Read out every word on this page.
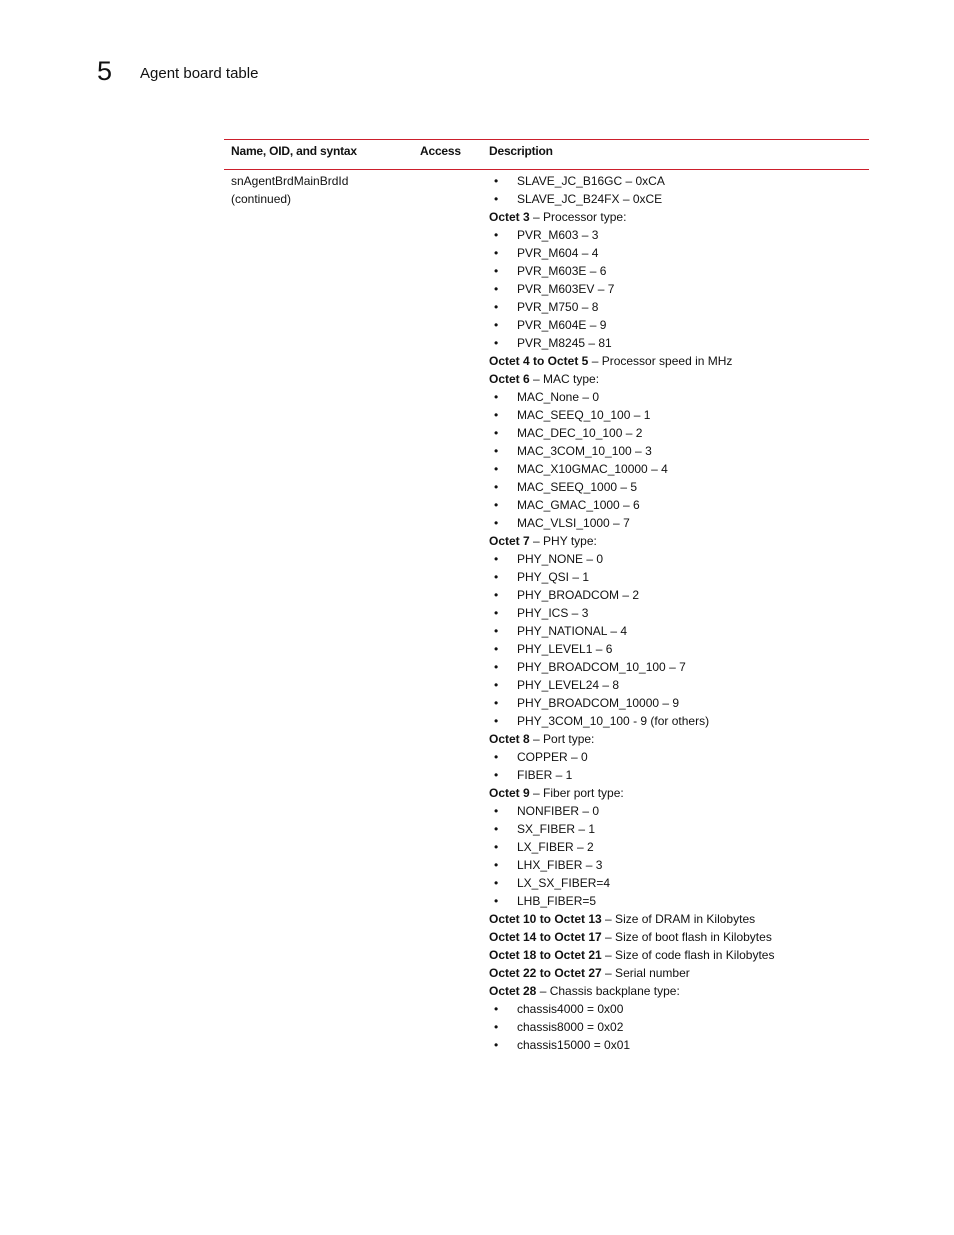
5 Agent board table
Name, OID, and syntax	Access Description
snAgentBrdMainBrdId
(continued)
• SLAVE_JC_B16GC – 0xCA
• SLAVE_JC_B24FX – 0xCE
Octet 3 – Processor type:
• PVR_M603 – 3
• PVR_M604 – 4
• PVR_M603E – 6
• PVR_M603EV – 7
• PVR_M750 – 8
• PVR_M604E – 9
• PVR_M8245 – 81
Octet 4 to Octet 5 – Processor speed in MHz
Octet 6 – MAC type:
• MAC_None – 0
• MAC_SEEQ_10_100 – 1
• MAC_DEC_10_100 – 2
• MAC_3COM_10_100 – 3
• MAC_X10GMAC_10000 – 4
• MAC_SEEQ_1000 – 5
• MAC_GMAC_1000 – 6
• MAC_VLSI_1000 – 7
Octet 7 – PHY type:
• PHY_NONE – 0
• PHY_QSI – 1
• PHY_BROADCOM – 2
• PHY_ICS – 3
• PHY_NATIONAL – 4
• PHY_LEVEL1 – 6
• PHY_BROADCOM_10_100 – 7
• PHY_LEVEL24 – 8
• PHY_BROADCOM_10000 – 9
• PHY_3COM_10_100 - 9 (for others)
Octet 8 – Port type:
• COPPER – 0
• FIBER – 1
Octet 9 – Fiber port type:
• NONFIBER – 0
• SX_FIBER – 1
• LX_FIBER – 2
• LHX_FIBER – 3
• LX_SX_FIBER=4
• LHB_FIBER=5
Octet 10 to Octet 13 – Size of DRAM in Kilobytes
Octet 14 to Octet 17 – Size of boot flash in Kilobytes
Octet 18 to Octet 21 – Size of code flash in Kilobytes
Octet 22 to Octet 27 – Serial number
Octet 28 – Chassis backplane type:
• chassis4000 = 0x00
• chassis8000 = 0x02
• chassis15000 = 0x01
